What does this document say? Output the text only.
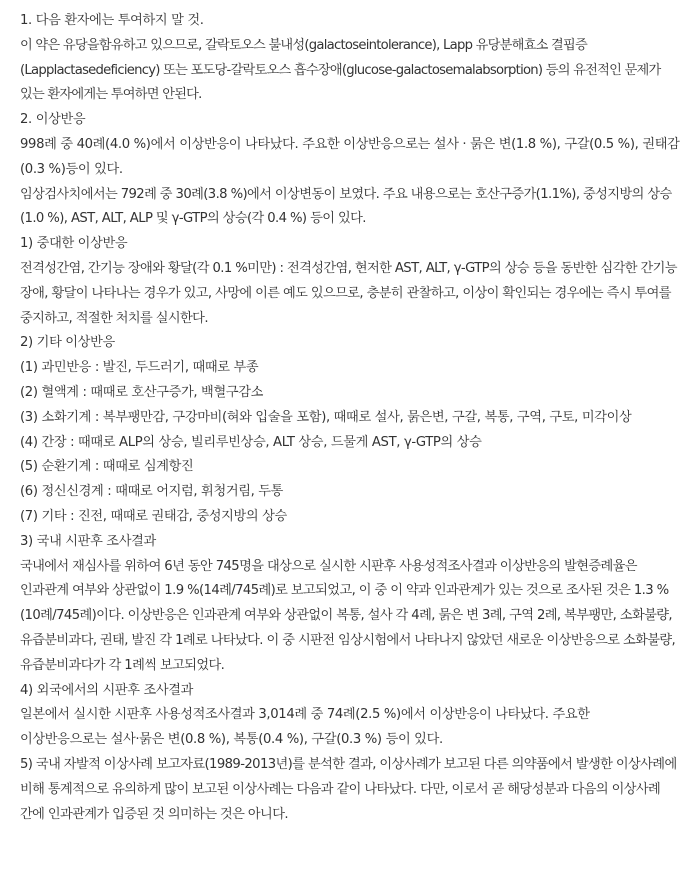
1. 다음 환자에는 투여하지 말 것.

이 약은 유당을함유하고 있으므로, 갈락토오스 불내성(galactoseintolerance), Lapp 유당분해효소 결핍증(Lapplactasedeficiency) 또는 포도당-갈락토오스 흡수장애(glucose-galactosemalabsorption) 등의 유전적인 문제가 있는 환자에게는 투여하면 안된다.

2. 이상반응

998례 중 40례(4.0 %)에서 이상반응이 나타났다. 주요한 이상반응으로는 설사 · 묽은 변(1.8 %), 구갈(0.5 %), 권태감(0.3 %)등이 있다.

임상검사치에서는 792례 중 30례(3.8 %)에서 이상변동이 보였다. 주요 내용으로는 호산구증가(1.1%), 중성지방의 상승(1.0 %), AST, ALT, ALP 및 γ-GTP의 상승(각 0.4 %) 등이 있다.

1) 중대한 이상반응

전격성간염, 간기능 장애와 황달(각 0.1 %미만) : 전격성간염, 현저한 AST, ALT, γ-GTP의 상승 등을 동반한 심각한 간기능 장애, 황달이 나타나는 경우가 있고, 사망에 이른 예도 있으므로, 충분히 관찰하고, 이상이 확인되는 경우에는 즉시 투여를 중지하고, 적절한 처치를 실시한다.

2) 기타 이상반응

(1) 과민반응 : 발진, 두드러기, 때때로 부종

(2) 혈액계 : 때때로 호산구증가, 백혈구감소

(3) 소화기계 : 복부팽만감, 구강마비(혀와 입술을 포함), 때때로 설사, 묽은변, 구갈, 복통, 구역, 구토, 미각이상

(4) 간장 : 때때로 ALP의 상승, 빌리루빈상승, ALT 상승, 드물게 AST, γ-GTP의 상승

(5) 순환기계 : 때때로 심계항진

(6) 정신신경계 : 때때로 어지럼, 휘청거림, 두통

(7) 기타 : 진전, 때때로 권태감, 중성지방의 상승

3) 국내 시판후 조사결과

국내에서 재심사를 위하여 6년 동안 745명을 대상으로 실시한 시판후 사용성적조사결과 이상반응의 발현증례율은 인과관계 여부와 상관없이 1.9 %(14례/745례)로 보고되었고, 이 중 이 약과 인과관계가 있는 것으로 조사된 것은 1.3 %(10례/745례)이다. 이상반응은 인과관계 여부와 상관없이 복통, 설사 각 4례, 묽은 변 3례, 구역 2례, 복부팽만, 소화불량, 유즙분비과다, 권태, 발진 각 1례로 나타났다. 이 중 시판전 임상시험에서 나타나지 않았던 새로운 이상반응으로 소화불량, 유즙분비과다가 각 1례씩 보고되었다.

4) 외국에서의 시판후 조사결과

일본에서 실시한 시판후 사용성적조사결과 3,014례 중 74례(2.5 %)에서 이상반응이 나타났다. 주요한 이상반응으로는 설사·묽은 변(0.8 %), 복통(0.4 %), 구갈(0.3 %) 등이 있다.

5) 국내 자발적 이상사례 보고자료(1989-2013년)를 분석한 결과, 이상사례가 보고된 다른 의약품에서 발생한 이상사례에 비해 통계적으로 유의하게 많이 보고된 이상사례는 다음과 같이 나타났다. 다만, 이로서 곧 해당성분과 다음의 이상사례 간에 인과관계가 입증된 것 의미하는 것은 아니다.
